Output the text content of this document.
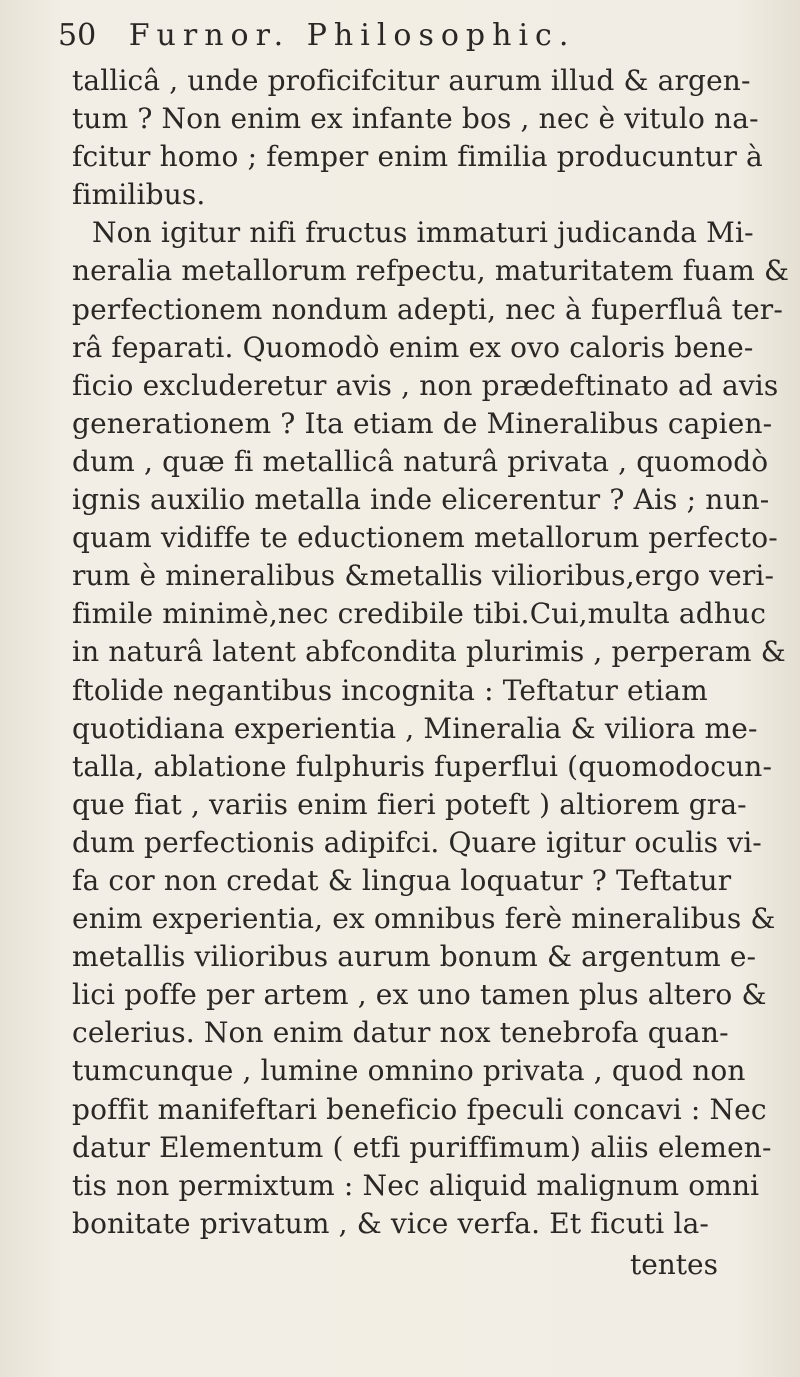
50 Furnor. Philosophic.
tallicâ , unde proficifcitur aurum illud & argen-
tum ? Non enim ex infante bos , nec è vitulo na-
fcitur homo ; femper enim fimilia producuntur à
fimilibus.
Non igitur nifi fructus immaturi judicanda Mi-
neralia metallorum refpectu, maturitatem fuam &
perfectionem nondum adepti, nec à fuperfluâ ter-
râ feparati. Quomodò enim ex ovo caloris bene-
ficio excluderetur avis , non prædeftinato ad avis
generationem ? Ita etiam de Mineralibus capien-
dum , quæ fi metallicâ naturâ privata , quomodò
ignis auxilio metalla inde elicerentur ? Ais ; nun-
quam vidiffe te eductionem metallorum perfecto-
rum è mineralibus &metallis vilioribus,ergo veri-
fimile minimè,nec credibile tibi.Cui,multa adhuc
in naturâ latent abfcondita plurimis , perperam &
ftolide negantibus incognita : Teftatur etiam
quotidiana experientia , Mineralia & viliora me-
talla, ablatione fulphuris fuperflui (quomodocun-
que fiat , variis enim fieri poteft ) altiorem gra-
dum perfectionis adipifci. Quare igitur oculis vi-
fa cor non credat & lingua loquatur ? Teftatur
enim experientia, ex omnibus ferè mineralibus &
metallis vilioribus aurum bonum & argentum e-
lici poffe per artem , ex uno tamen plus altero &
celerius. Non enim datur nox tenebrofa quan-
tumcunque , lumine omnino privata , quod non
poffit manifeftari beneficio fpeculi concavi : Nec
datur Elementum ( etfi puriffimum) aliis elemen-
tis non permixtum : Nec aliquid malignum omni
bonitate privatum , & vice verfa. Et ficuti la-
tentes
